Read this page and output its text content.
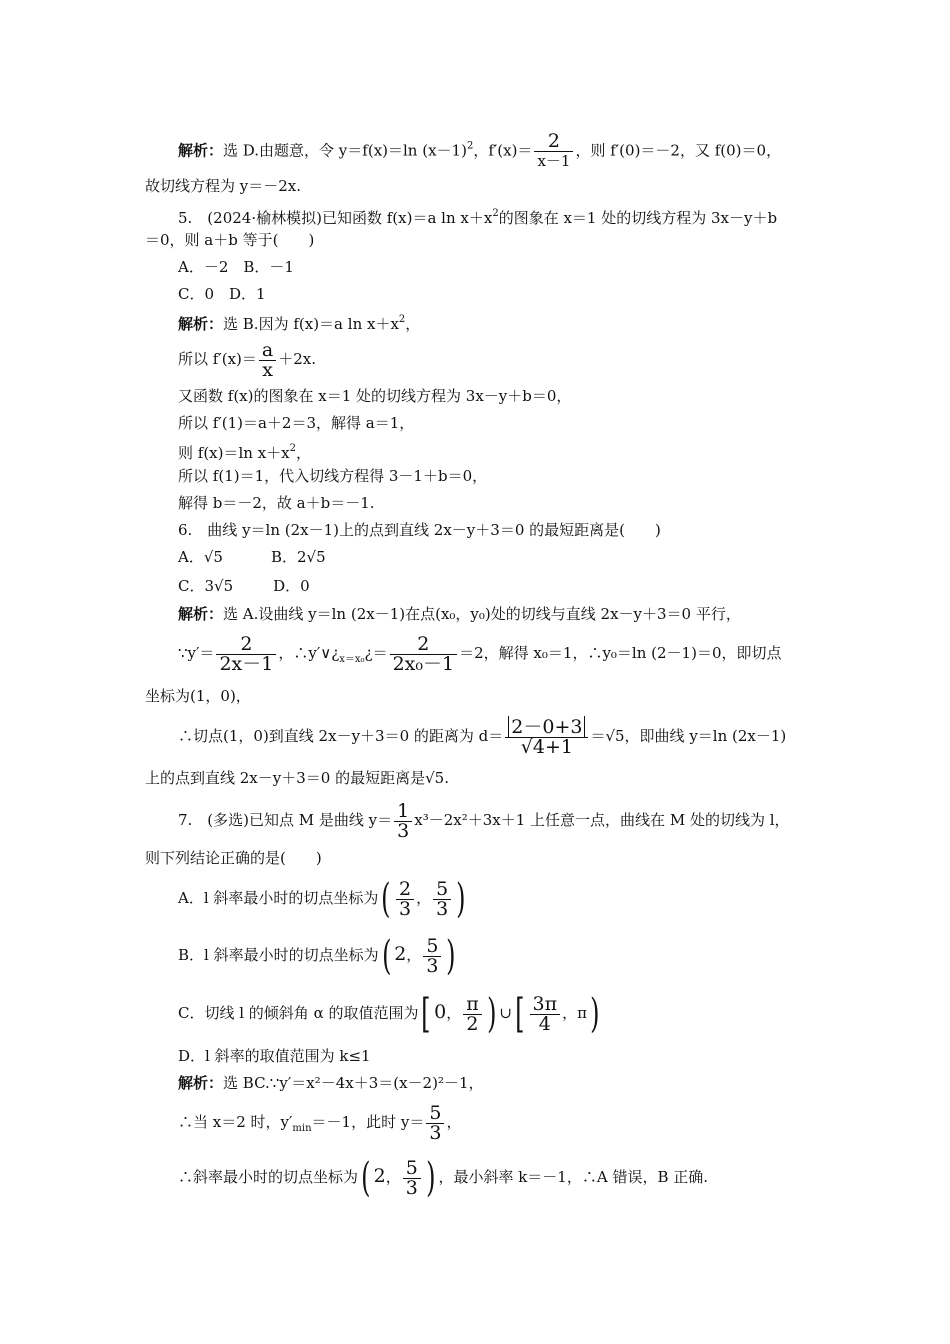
解析：选 D.由题意，令 y＝f(x)＝ln $(x-1)^2$，$f'(x)= \frac{2}{x-1}$ ，则 f′(0)＝－2，又 f(0)＝0，
故切线方程为 y＝－2x.
5.　(2024·榆林模拟)已知函数 f(x)＝a $\ln x+x^2$的图象在 x＝1 处的切线方程为 3x－y＋b
＝0，则 a＋b 等于(　　)
A．－2　B．－1
C．0　D．1
解析：选 B.因为 f(x)＝a $\ln x+x^2$，
所以 $f'(x)= \frac{a}{x} +2x$.
又函数 f(x)的图象在 x＝1 处的切线方程为 3x－y＋b＝0，
所以 f′(1)＝a＋2＝3，解得 a＝1，
则 f(x)＝ln $x+x^2$，
所以 f(1)＝1，代入切线方程得 3－1＋b＝0，
解得 b＝－2，故 a＋b＝－1.
6.　曲线 y＝ln (2x－1)上的点到直线 2x－y＋3＝0 的最短距离是(　　)
A．√5	B．2√5
C．3√5	D．0
解析：选 A.设曲线 y＝ln (2x－1)在点(x₀，y₀)处的切线与直线 2x－y＋3＝0 平行，
∵y′＝ $\frac{2}{2x-1}$ ，$\therefore y'\vee¿_{x=x_0}¿= \frac{2}{\text{2x₀－1}} =2$，解得 x₀＝1，∴y₀＝ln (2－1)＝0，即切点
坐标为(1，0)，
∴切点(1，0)到直线 2x－y＋3＝0 的距离为 $d= \frac{2-0+3}{√4+1} =√5$，即曲线 y＝ln (2x－1)
上的点到直线 2x－y＋3＝0 的最短距离是√5.
7.　(多选)已知点 M 是曲线 $y= \frac{1}{3} x^3-2x^2+3x+1$ 上任意一点，曲线在 M 处的切线为 l，
则下列结论正确的是(　　)
A．l 斜率最小时的切点坐标为( $\frac{2}{3}$ ， $\frac{5}{3}$ )
B．l 斜率最小时的切点坐标为( 2， $\frac{5}{3}$ )
C．切线 l 的倾斜角 α 的取值范围为[ 0， $\frac{\pi}{2}$ ) ∪[ $\frac{3\pi}{4}$ ，π)
D．l 斜率的取值范围为 k≤1
解析：选 BC.∵y′＝x²－4x＋3＝(x－2)²－1，
∴当 x＝2 时，$y'_{min}=-1$，此时 $y= \frac{5}{3}$ ，
∴斜率最小时的切点坐标为( 2， $\frac{5}{3}$ ) ，最小斜率 k＝－1，∴A 错误，B 正确.
